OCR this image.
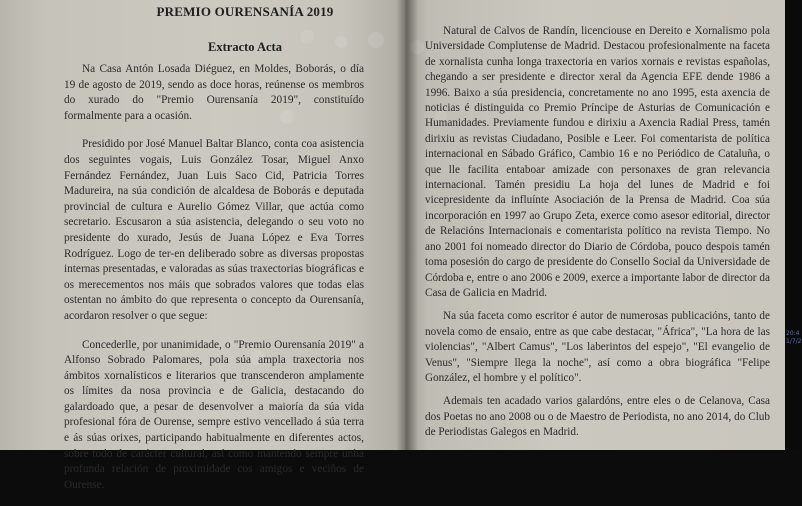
PREMIO OURENSANÍA 2019
Extracto Acta

Na Casa Antón Losada Diéguez, en Moldes, Boborás, o día 19 de agosto de 2019, sendo as doce horas, reúnense os membros do xurado do "Premio Ourensanía 2019", constituído formalmente para a ocasión.

Presidido por José Manuel Baltar Blanco, conta coa asistencia dos seguintes vogais, Luis González Tosar, Miguel Anxo Fernández Fernández, Juan Luis Saco Cid, Patricia Torres Madureira, na súa condición de alcaldesa de Boborás e deputada provincial de cultura e Aurelio Gómez Villar, que actúa como secretario. Escusaron a súa asistencia, delegando o seu voto no presidente do xurado, Jesús de Juana López e Eva Torres Rodríguez. Logo de ter-en deliberado sobre as diversas propostas internas presentadas, e valoradas as súas traxectorias biográficas e os merecementos nos máis que sobrados valores que todas elas ostentan no ámbito do que representa o concepto da Ourensanía, acordaron resolver o que segue:

Concederlle, por unanimidade, o "Premio Ourensanía 2019" a Alfonso Sobrado Palomares, pola súa ampla traxectoria nos ámbitos xornalísticos e literarios que transcenderon amplamente os límites da nosa provincia e de Galicia, destacando do galardoado que, a pesar de desenvolver a maioría da súa vida profesional fóra de Ourense, sempre estivo vencellado á súa terra e ás súas orixes, participando habitualmente en diferentes actos, sobre todo de carácter cultural, así como mantendo sempre unha profunda relación de proximidade cos amigos e veciños de Ourense.

Natural de Calvos de Randín, licenciouse en Dereito e Xornalismo pola Universidade Complutense de Madrid. Destacou profesionalmente na faceta de xornalista cunha longa traxectoria en varios xornais e revistas españolas, chegando a ser presidente e director xeral da Agencia EFE dende 1986 a 1996. Baixo a súa presidencia, concretamente no ano 1995, esta axencia de noticias é distinguida co Premio Príncipe de Asturias de Comunicación e Humanidades. Previamente fundou e dirixiu a Axencia Radial Press, tamén dirixiu as revistas Ciudadano, Posible e Leer. Foi comentarista de política internacional en Sábado Gráfico, Cambio 16 e no Periódico de Cataluña, o que lle facilita entaboar amizade con personaxes de gran relevancia internacional. Tamén presidiu La hoja del lunes de Madrid e foi vicepresidente da influínte Asociación de la Prensa de Madrid. Coa súa incorporación en 1997 ao Grupo Zeta, exerce como asesor editorial, director de Relacións Internacionais e comentarista político na revista Tiempo. No ano 2001 foi nomeado director do Diario de Córdoba, pouco despois tamén toma posesión do cargo de presidente do Consello Social da Universidade de Córdoba e, entre o ano 2006 e 2009, exerce a importante labor de director da Casa de Galicia en Madrid.

Na súa faceta como escritor é autor de numerosas publicacións, tanto de novela como de ensaio, entre as que cabe destacar, "África", "La hora de las violencias", "Albert Camus", "Los laberintos del espejo", "El evangelio de Venus", "Siempre llega la noche", así como a obra biográfica "Felipe González, el hombre y el político".

Ademais ten acadado varios galardóns, entre eles o de Celanova, Casa dos Poetas no ano 2008 ou o de Maestro de Periodista, no ano 2014, do Club de Periodistas Galegos en Madrid.

20:4
1/7/2
